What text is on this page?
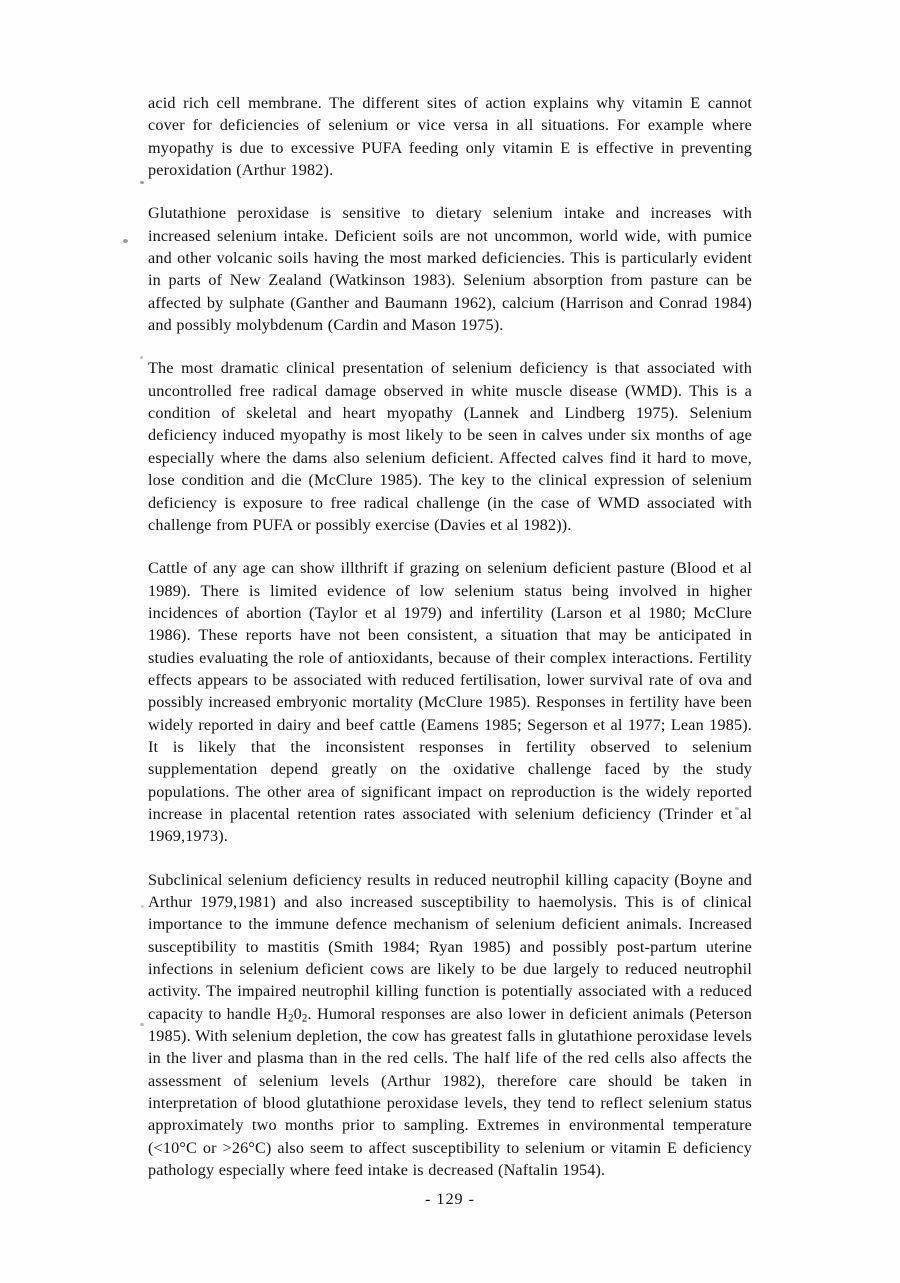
acid rich cell membrane. The different sites of action explains why vitamin E cannot cover for deficiencies of selenium or vice versa in all situations. For example where myopathy is due to excessive PUFA feeding only vitamin E is effective in preventing peroxidation (Arthur 1982).

Glutathione peroxidase is sensitive to dietary selenium intake and increases with increased selenium intake. Deficient soils are not uncommon, world wide, with pumice and other volcanic soils having the most marked deficiencies. This is particularly evident in parts of New Zealand (Watkinson 1983). Selenium absorption from pasture can be affected by sulphate (Ganther and Baumann 1962), calcium (Harrison and Conrad 1984) and possibly molybdenum (Cardin and Mason 1975).

The most dramatic clinical presentation of selenium deficiency is that associated with uncontrolled free radical damage observed in white muscle disease (WMD). This is a condition of skeletal and heart myopathy (Lannek and Lindberg 1975). Selenium deficiency induced myopathy is most likely to be seen in calves under six months of age especially where the dams also selenium deficient. Affected calves find it hard to move, lose condition and die (McClure 1985). The key to the clinical expression of selenium deficiency is exposure to free radical challenge (in the case of WMD associated with challenge from PUFA or possibly exercise (Davies et al 1982)).

Cattle of any age can show illthrift if grazing on selenium deficient pasture (Blood et al 1989). There is limited evidence of low selenium status being involved in higher incidences of abortion (Taylor et al 1979) and infertility (Larson et al 1980; McClure 1986). These reports have not been consistent, a situation that may be anticipated in studies evaluating the role of antioxidants, because of their complex interactions. Fertility effects appears to be associated with reduced fertilisation, lower survival rate of ova and possibly increased embryonic mortality (McClure 1985). Responses in fertility have been widely reported in dairy and beef cattle (Eamens 1985; Segerson et al 1977; Lean 1985). It is likely that the inconsistent responses in fertility observed to selenium supplementation depend greatly on the oxidative challenge faced by the study populations. The other area of significant impact on reproduction is the widely reported increase in placental retention rates associated with selenium deficiency (Trinder et al 1969,1973).

Subclinical selenium deficiency results in reduced neutrophil killing capacity (Boyne and Arthur 1979,1981) and also increased susceptibility to haemolysis. This is of clinical importance to the immune defence mechanism of selenium deficient animals. Increased susceptibility to mastitis (Smith 1984; Ryan 1985) and possibly post-partum uterine infections in selenium deficient cows are likely to be due largely to reduced neutrophil activity. The impaired neutrophil killing function is potentially associated with a reduced capacity to handle $H_20_2$. Humoral responses are also lower in deficient animals (Peterson 1985). With selenium depletion, the cow has greatest falls in glutathione peroxidase levels in the liver and plasma than in the red cells. The half life of the red cells also affects the assessment of selenium levels (Arthur 1982), therefore care should be taken in interpretation of blood glutathione peroxidase levels, they tend to reflect selenium status approximately two months prior to sampling. Extremes in environmental temperature (<10°C or >26°C) also seem to affect susceptibility to selenium or vitamin E deficiency pathology especially where feed intake is decreased (Naftalin 1954).

- 129 -
